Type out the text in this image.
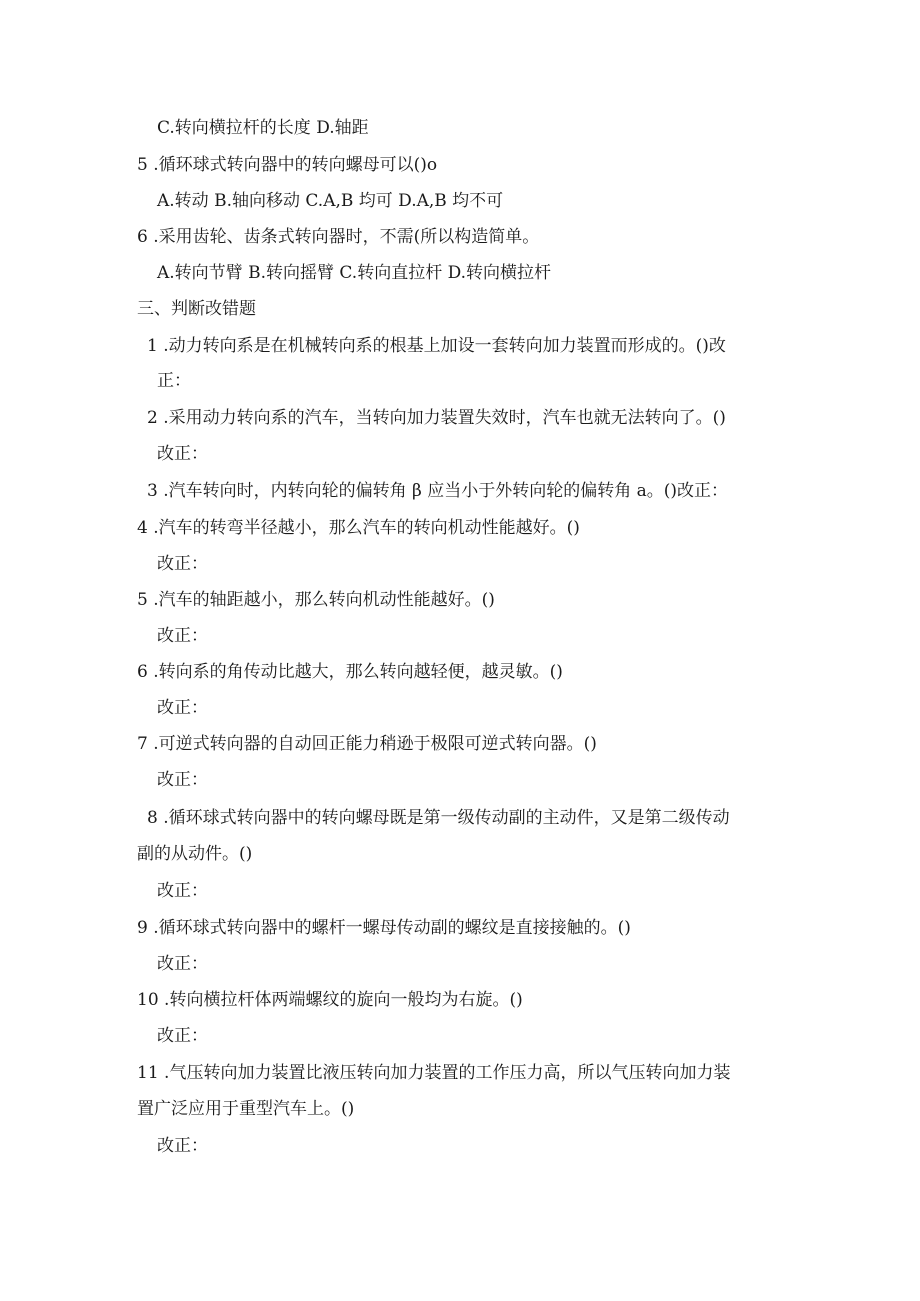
C.转向横拉杆的长度 D.轴距
5 .循环球式转向器中的转向螺母可以()o
A.转动 B.轴向移动 C.A,B 均可 D.A,B 均不可
6 .采用齿轮、齿条式转向器时，不需(所以构造简单。
A.转向节臂 B.转向摇臂 C.转向直拉杆 D.转向横拉杆
三、判断改错题
1 .动力转向系是在机械转向系的根基上加设一套转向加力装置而形成的。()改
正：
2 .采用动力转向系的汽车，当转向加力装置失效时，汽车也就无法转向了。()
改正：
3 .汽车转向时，内转向轮的偏转角 β 应当小于外转向轮的偏转角 a。()改正：
4 .汽车的转弯半径越小，那么汽车的转向机动性能越好。()
改正：
5 .汽车的轴距越小，那么转向机动性能越好。()
改正：
6 .转向系的角传动比越大，那么转向越轻便，越灵敏。()
改正：
7 .可逆式转向器的自动回正能力稍逊于极限可逆式转向器。()
改正：
8 .循环球式转向器中的转向螺母既是第一级传动副的主动件，又是第二级传动
副的从动件。()
改正：
9 .循环球式转向器中的螺杆一螺母传动副的螺纹是直接接触的。()
改正：
10 .转向横拉杆体两端螺纹的旋向一般均为右旋。()
改正：
11 .气压转向加力装置比液压转向加力装置的工作压力高，所以气压转向加力装
置广泛应用于重型汽车上。()
改正：
